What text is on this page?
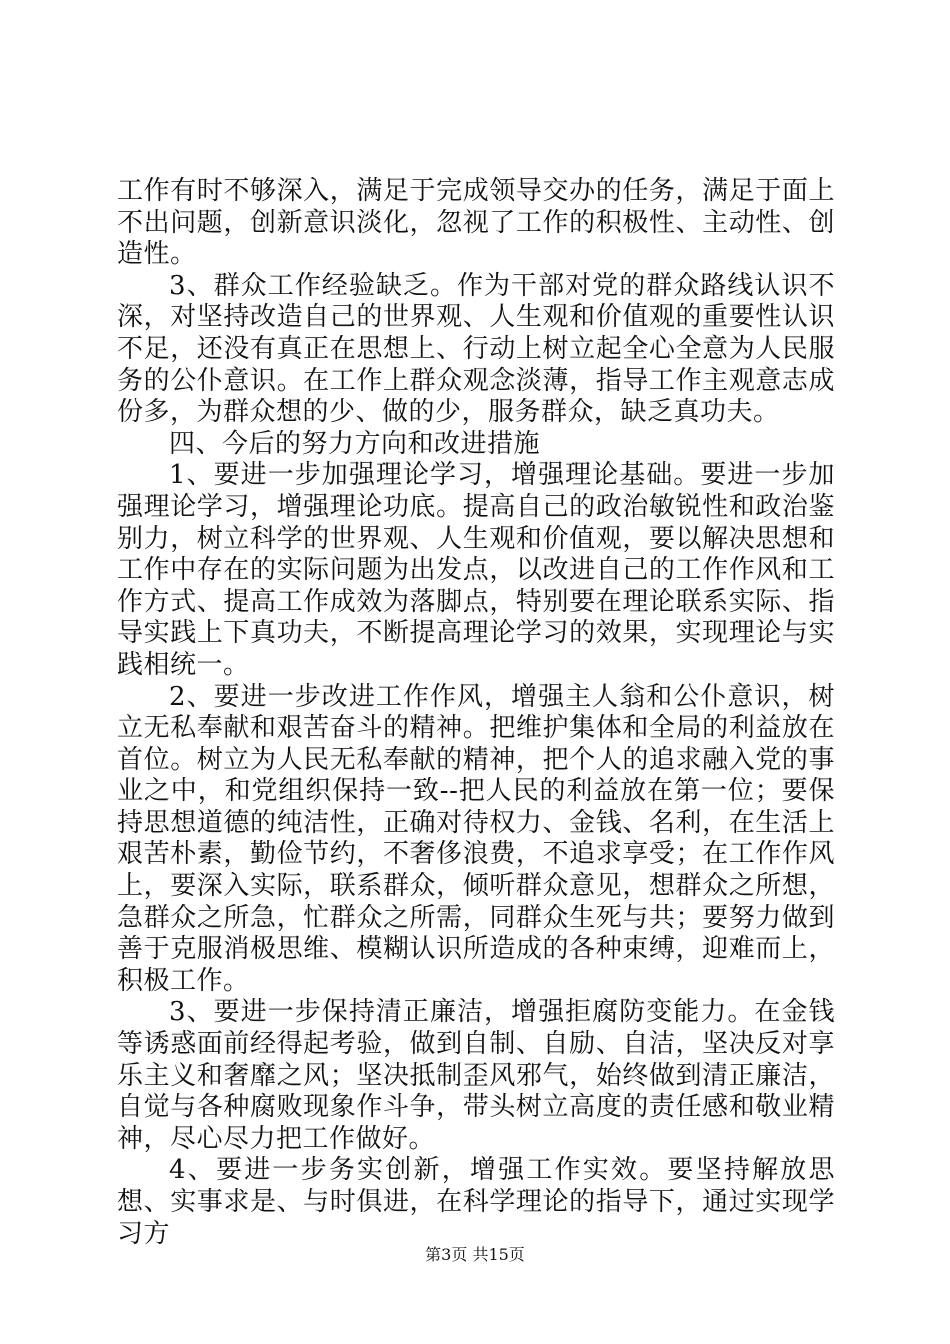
工作有时不够深入，满足于完成领导交办的任务，满足于面上不出问题，创新意识淡化，忽视了工作的积极性、主动性、创造性。

3、群众工作经验缺乏。作为干部对党的群众路线认识不深，对坚持改造自己的世界观、人生观和价值观的重要性认识不足，还没有真正在思想上、行动上树立起全心全意为人民服务的公仆意识。在工作上群众观念淡薄，指导工作主观意志成份多，为群众想的少、做的少，服务群众，缺乏真功夫。

四、今后的努力方向和改进措施

1、要进一步加强理论学习，增强理论基础。要进一步加强理论学习，增强理论功底。提高自己的政治敏锐性和政治鉴别力，树立科学的世界观、人生观和价值观，要以解决思想和工作中存在的实际问题为出发点，以改进自己的工作作风和工作方式、提高工作成效为落脚点，特别要在理论联系实际、指导实践上下真功夫，不断提高理论学习的效果，实现理论与实践相统一。

2、要进一步改进工作作风，增强主人翁和公仆意识，树立无私奉献和艰苦奋斗的精神。把维护集体和全局的利益放在首位。树立为人民无私奉献的精神，把个人的追求融入党的事业之中，和党组织保持一致--把人民的利益放在第一位；要保持思想道德的纯洁性，正确对待权力、金钱、名利，在生活上艰苦朴素，勤俭节约，不奢侈浪费，不追求享受；在工作作风上，要深入实际，联系群众，倾听群众意见，想群众之所想，急群众之所急，忙群众之所需，同群众生死与共；要努力做到善于克服消极思维、模糊认识所造成的各种束缚，迎难而上，积极工作。

3、要进一步保持清正廉洁，增强拒腐防变能力。在金钱等诱惑面前经得起考验，做到自制、自励、自洁，坚决反对享乐主义和奢靡之风；坚决抵制歪风邪气，始终做到清正廉洁，自觉与各种腐败现象作斗争，带头树立高度的责任感和敬业精神，尽心尽力把工作做好。

4、要进一步务实创新，增强工作实效。要坚持解放思想、实事求是、与时俱进，在科学理论的指导下，通过实现学习方

第3页 共15页
